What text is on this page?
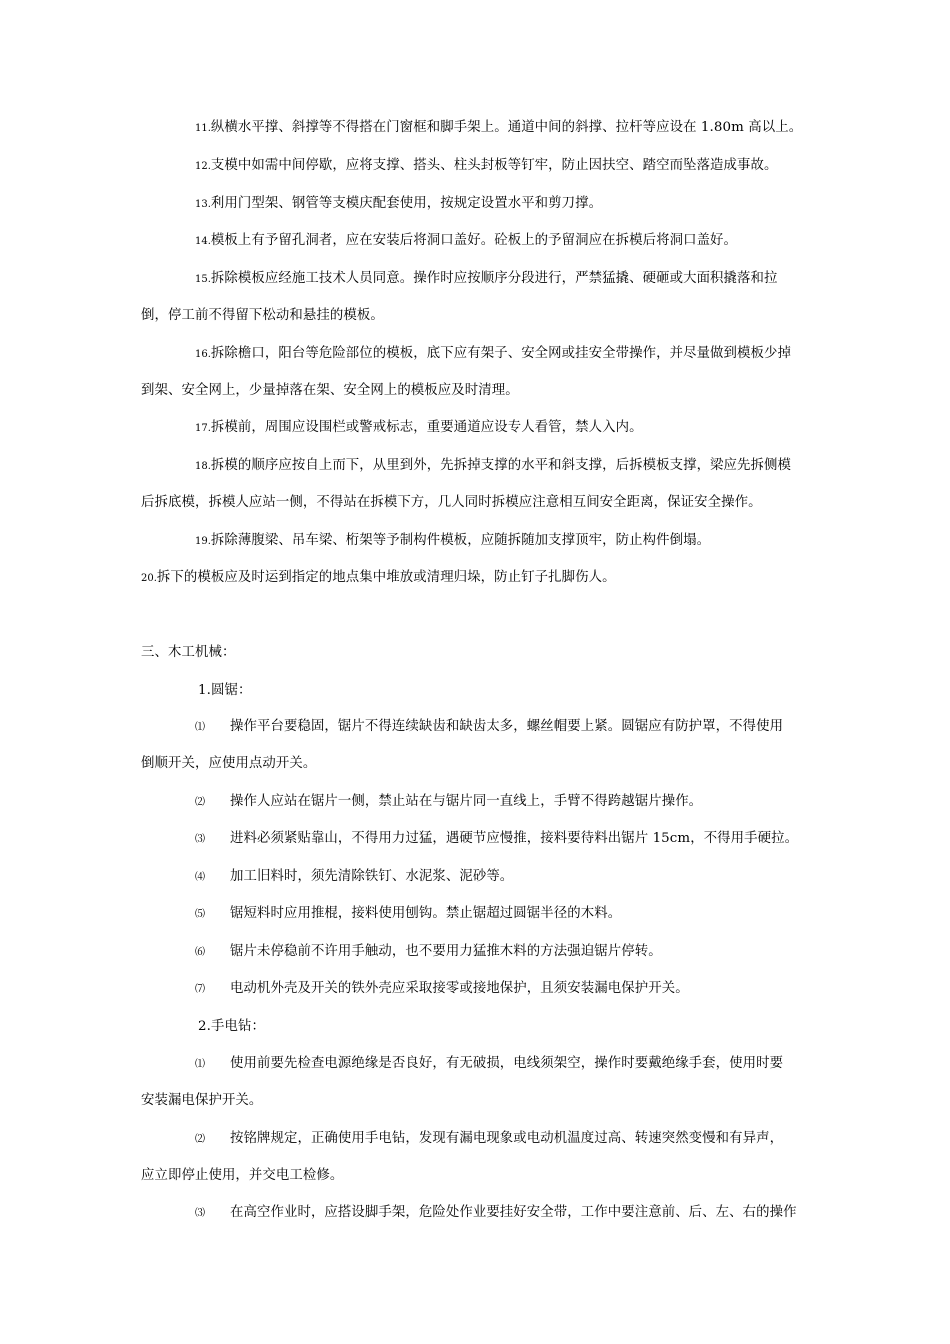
11.纵横水平撑、斜撑等不得搭在门窗框和脚手架上。通道中间的斜撑、拉杆等应设在 1.80m 高以上。
12.支模中如需中间停歇，应将支撑、搭头、柱头封板等钉牢，防止因扶空、踏空而坠落造成事故。
13.利用门型架、钢管等支模庆配套使用，按规定设置水平和剪刀撑。
14.模板上有予留孔洞者，应在安装后将洞口盖好。砼板上的予留洞应在拆模后将洞口盖好。
15.拆除模板应经施工技术人员同意。操作时应按顺序分段进行，严禁猛撬、硬砸或大面积撬落和拉
倒，停工前不得留下松动和悬挂的模板。
16.拆除檐口，阳台等危险部位的模板，底下应有架子、安全网或挂安全带操作，并尽量做到模板少掉
到架、安全网上，少量掉落在架、安全网上的模板应及时清理。
17.拆模前，周围应设围栏或警戒标志，重要通道应设专人看管，禁人入内。
18.拆模的顺序应按自上而下，从里到外，先拆掉支撑的水平和斜支撑，后拆模板支撑，梁应先拆侧模
后拆底模，拆模人应站一侧，不得站在拆模下方，几人同时拆模应注意相互间安全距离，保证安全操作。
19.拆除薄腹梁、吊车梁、桁架等予制构件模板，应随拆随加支撑顶牢，防止构件倒塌。
20.拆下的模板应及时运到指定的地点集中堆放或清理归垛，防止钉子扎脚伤人。
三、木工机械：
1.圆锯：
⑴ 操作平台要稳固，锯片不得连续缺齿和缺齿太多，螺丝帽要上紧。圆锯应有防护罩，不得使用
倒顺开关，应使用点动开关。
⑵ 操作人应站在锯片一侧，禁止站在与锯片同一直线上，手臂不得跨越锯片操作。
⑶ 进料必须紧贴靠山，不得用力过猛，遇硬节应慢推，接料要待料出锯片 15cm，不得用手硬拉。
⑷ 加工旧料时，须先清除铁钉、水泥浆、泥砂等。
⑸ 锯短料时应用推棍，接料使用刨钩。禁止锯超过圆锯半径的木料。
⑹ 锯片未停稳前不许用手触动，也不要用力猛推木料的方法强迫锯片停转。
⑺ 电动机外壳及开关的铁外壳应采取接零或接地保护，且须安装漏电保护开关。
2.手电钻：
⑴ 使用前要先检查电源绝缘是否良好，有无破损，电线须架空，操作时要戴绝缘手套，使用时要
安装漏电保护开关。
⑵ 按铭牌规定，正确使用手电钻，发现有漏电现象或电动机温度过高、转速突然变慢和有异声，
应立即停止使用，并交电工检修。
⑶ 在高空作业时，应搭设脚手架，危险处作业要挂好安全带，工作中要注意前、后、左、右的操作
